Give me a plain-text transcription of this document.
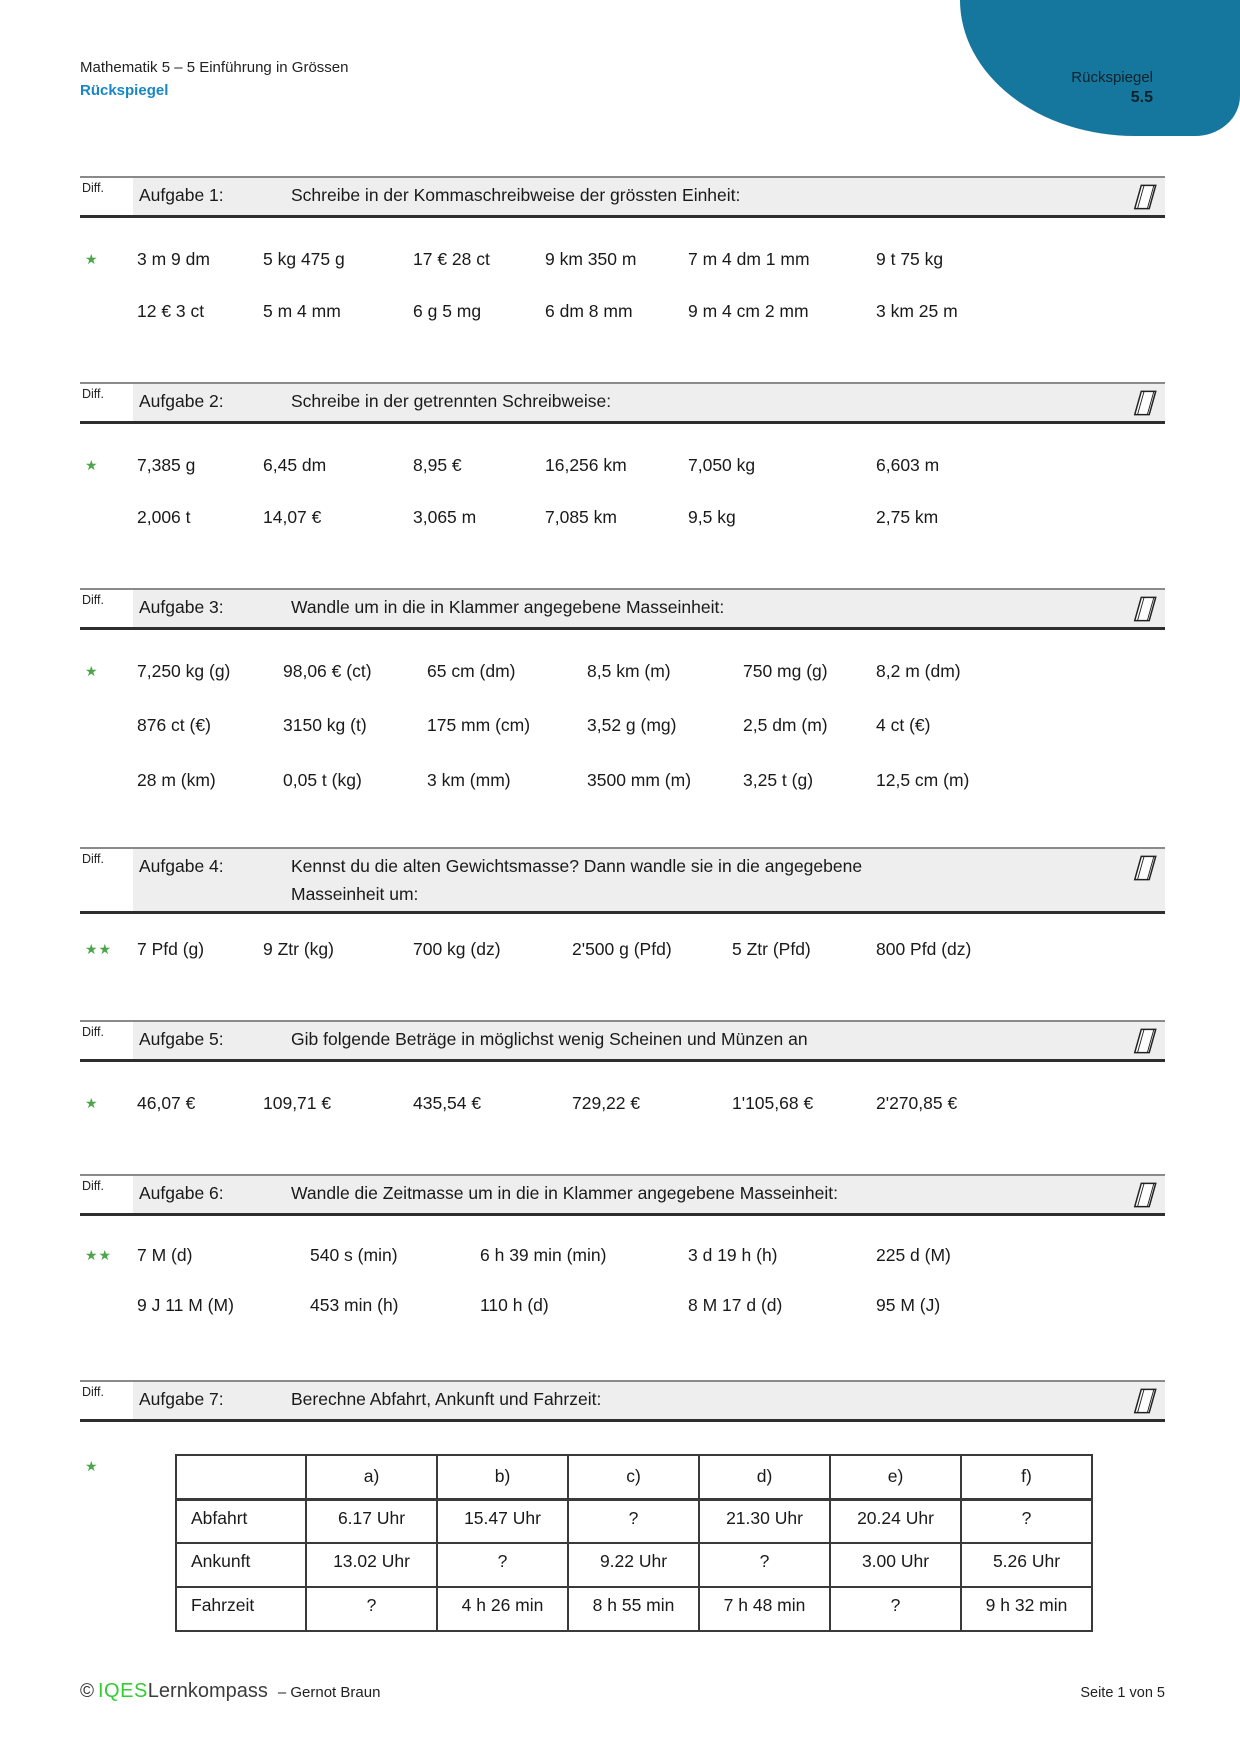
Rückspiegel
5.5
Mathematik 5 – 5 Einführung in Grössen
Rückspiegel
Diff.	Aufgabe 1:	Schreibe in der Kommaschreibweise der grössten Einheit:
★	3 m 9 dm	5 kg 475 g	17 € 28 ct	9 km 350 m	7 m 4 dm 1 mm	9 t 75 kg
12 € 3 ct	5 m 4 mm	6 g 5 mg	6 dm 8 mm	9 m 4 cm 2 mm	3 km 25 m
Diff.	Aufgabe 2:	Schreibe in der getrennten Schreibweise:
★	7,385 g	6,45 dm	8,95 €	16,256 km	7,050 kg	6,603 m
2,006 t	14,07 €	3,065 m	7,085 km	9,5 kg	2,75 km
Diff.	Aufgabe 3:	Wandle um in die in Klammer angegebene Masseinheit:
★	7,250 kg (g)	98,06 € (ct)	65 cm (dm)	8,5 km (m)	750 mg (g)	8,2 m (dm)
876 ct (€)	3150 kg (t)	175 mm (cm)	3,52 g (mg)	2,5 dm (m)	4 ct (€)
28 m (km)	0,05 t (kg)	3 km (mm)	3500 mm (m)	3,25 t (g)	12,5 cm (m)
Diff.	Aufgabe 4:	Kennst du die alten Gewichtsmasse? Dann wandle sie in die angegebene Masseinheit um:
★★	7 Pfd (g)	9 Ztr (kg)	700 kg (dz)	2'500 g (Pfd)	5 Ztr (Pfd)	800 Pfd (dz)
Diff.	Aufgabe 5:	Gib folgende Beträge in möglichst wenig Scheinen und Münzen an
★	46,07 €	109,71 €	435,54 €	729,22 €	1'105,68 €	2'270,85 €
Diff.	Aufgabe 6:	Wandle die Zeitmasse um in die in Klammer angegebene Masseinheit:
★★	7 M (d)	540 s (min)	6 h 39 min (min)	3 d 19 h (h)	225 d (M)
9 J 11 M (M)	453 min (h)	110 h (d)	8 M 17 d (d)	95 M (J)
Diff.	Aufgabe 7:	Berechne Abfahrt, Ankunft und Fahrzeit:
★
		a)	b)	c)	d)	e)	f)
Abfahrt	6.17 Uhr	15.47 Uhr	?	21.30 Uhr	20.24 Uhr	?
Ankunft	13.02 Uhr	?	9.22 Uhr	?	3.00 Uhr	5.26 Uhr
Fahrzeit	?	4 h 26 min	8 h 55 min	7 h 48 min	?	9 h 32 min
© IQES Lernkompass – Gernot Braun	Seite 1 von 5
